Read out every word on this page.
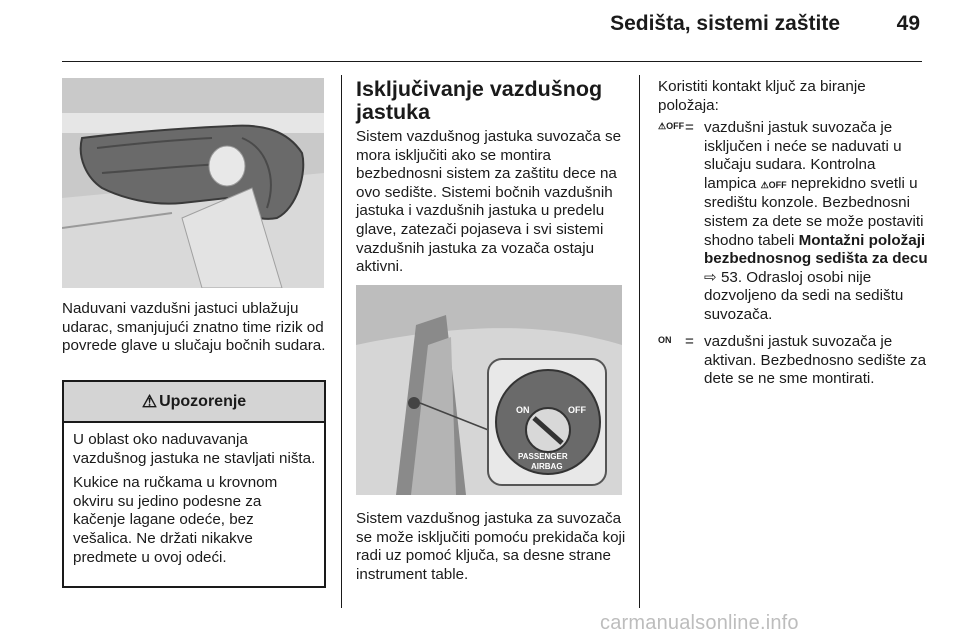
Sedišta, sistemi zaštite	49

Naduvani vazdušni jastuci ublažuju udarac, smanjujući znatno time rizik od povrede glave u slučaju bočnih sudara.

⚠ Upozorenje

U oblast oko naduvavanja vazdušnog jastuka ne stavljati ništa.

Kukice na ručkama u krovnom okviru su jedino podesne za kačenje lagane odeće, bez vešalica. Ne držati nikakve predmete u ovoj odeći.

Isključivanje vazdušnog jastuka

Sistem vazdušnog jastuka suvozača se mora isključiti ako se montira bezbednosni sistem za zaštitu dece na ovo sedište. Sistemi bočnih vazdušnih jastuka i vazdušnih jastuka u predelu glave, zatezači pojaseva i svi sistemi vazdušnih jastuka za vozača ostaju aktivni.

ON	OFF
PASSENGER
AIRBAG

Sistem vazdušnog jastuka za suvozača se može isključiti pomoću prekidača koji radi uz pomoć ključa, sa desne strane instrument table.

Koristiti kontakt ključ za biranje položaja:

⚠OFF = vazdušni jastuk suvozača je isključen i neće se naduvati u slučaju sudara. Kontrolna lampica ⚠OFF neprekidno svetli u središtu konzole. Bezbednosni sistem za dete se može postaviti shodno tabeli Montažni položaji bezbednosnog sedišta za decu ⇨ 53. Odrasloj osobi nije dozvoljeno da sedi na sedištu suvozača.
ON = vazdušni jastuk suvozača je aktivan. Bezbednosno sedište za dete se ne sme montirati.
carmanualsonline.info
